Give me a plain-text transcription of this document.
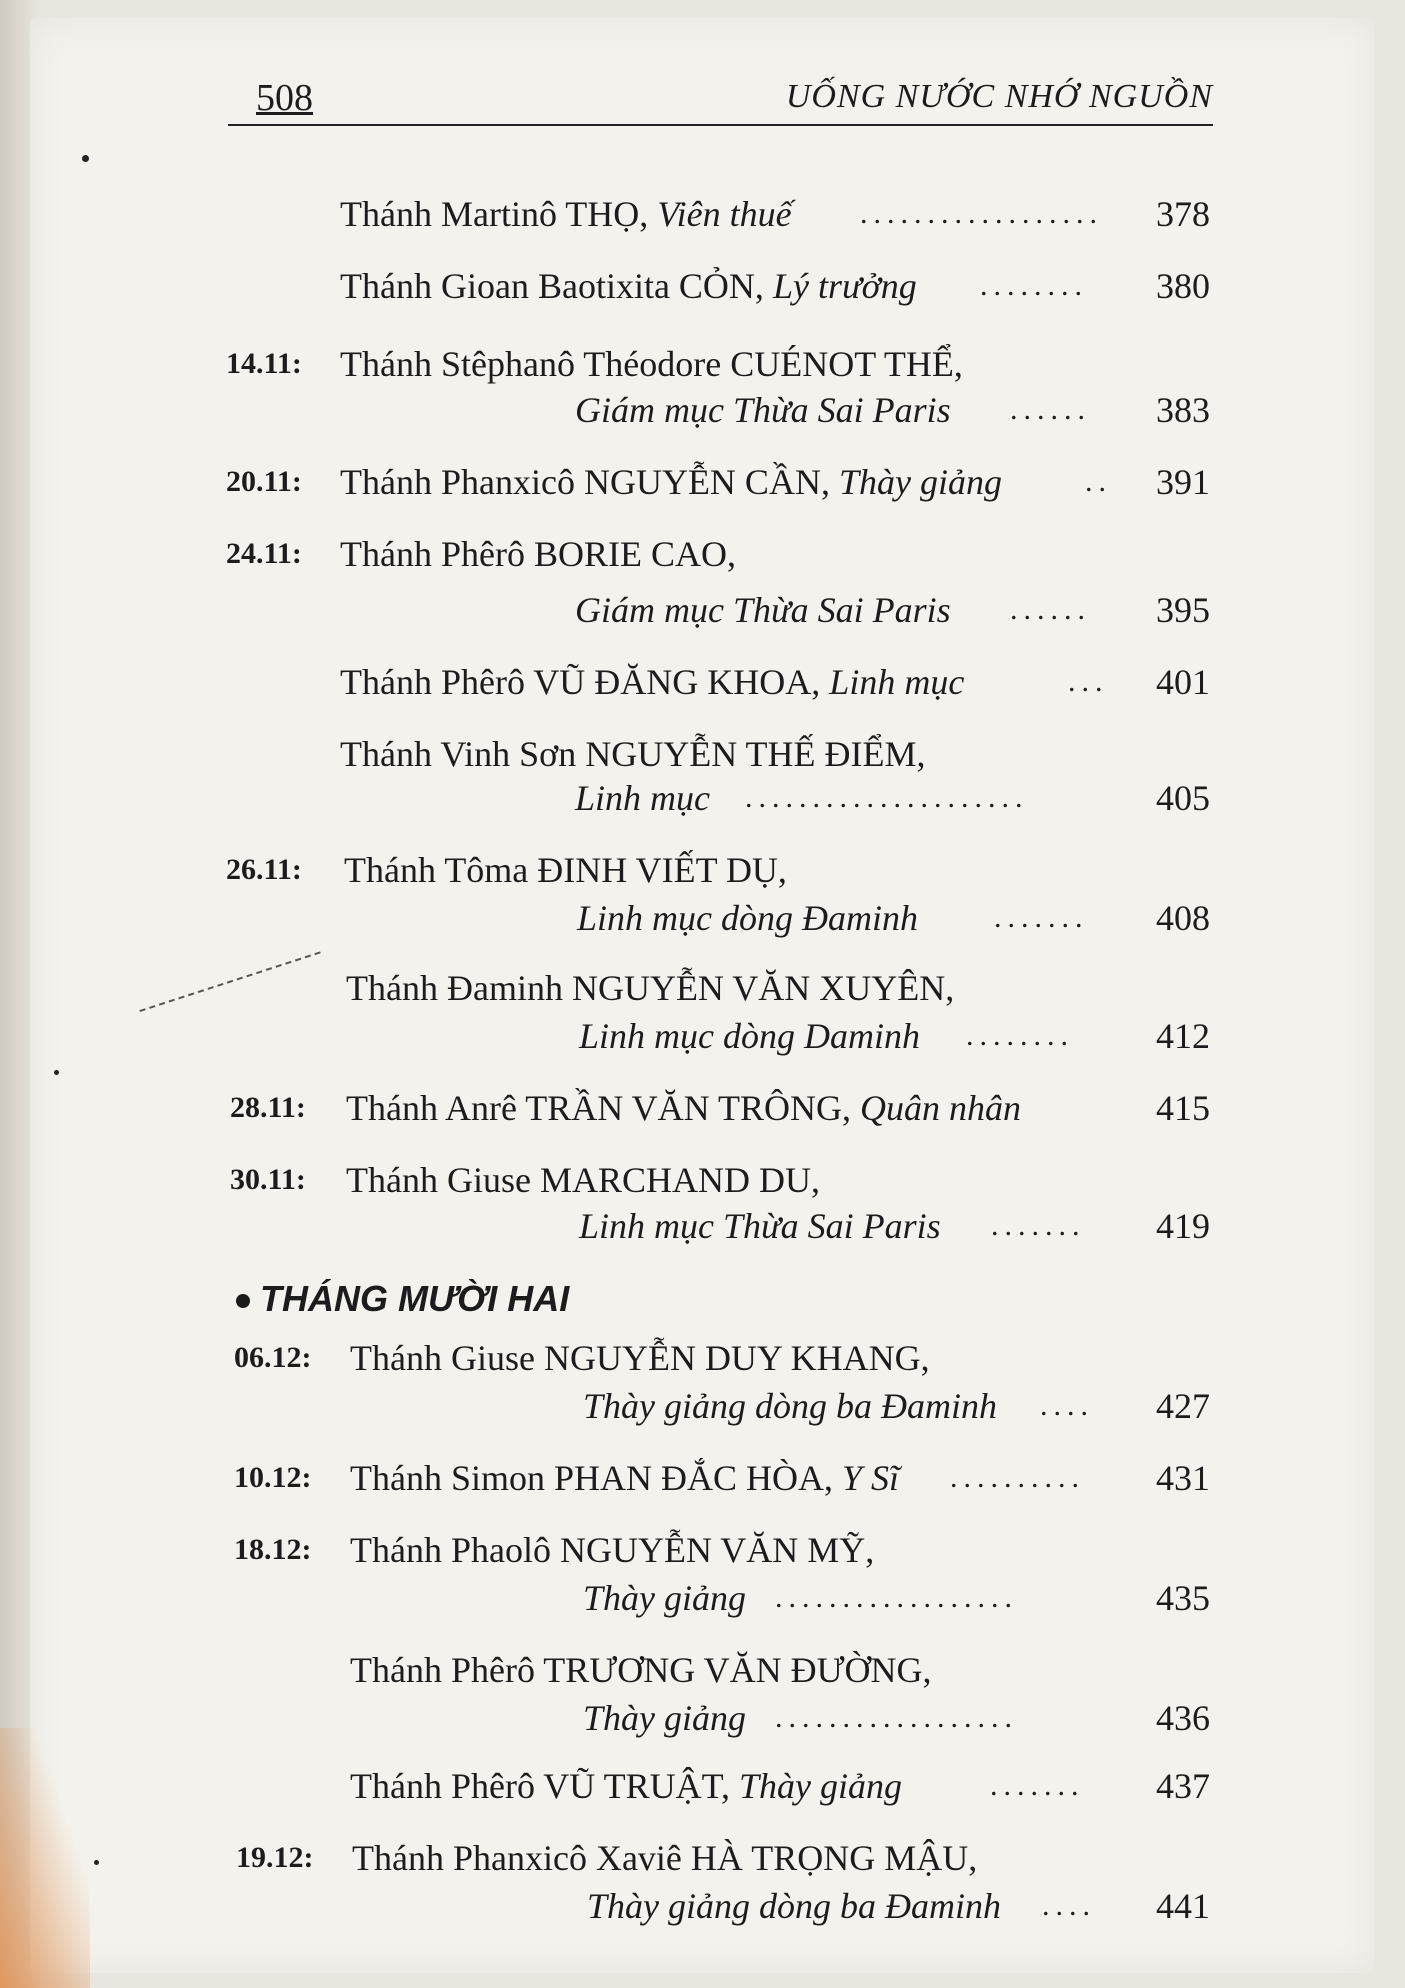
508	UỐNG NƯỚC NHỚ NGUỒN
Thánh Martinô THỌ, Viên thuế ..................	378
Thánh Gioan Baotixita CỎN, Lý trưởng ........	380
14.11: Thánh Stêphanô Théodore CUÉNOT THỂ,
Giám mục Thừa Sai Paris ......	383
20.11: Thánh Phanxicô NGUYỄN CẦN, Thày giảng	..	391
24.11: Thánh Phêrô BORIE CAO,
Giám mục Thừa Sai Paris ......	395
Thánh Phêrô VŨ ĐĂNG KHOA, Linh mục	...	401
Thánh Vinh Sơn NGUYỄN THẾ ĐIỂM,
Linh mục .....................	405
26.11: Thánh Tôma ĐINH VIẾT DỤ,
Linh mục dòng Đaminh	.......	408
Thánh Đaminh NGUYỄN VĂN XUYÊN,
Linh mục dòng Daminh ........	412
28.11: Thánh Anrê TRẦN VĂN TRÔNG, Quân nhân	415
30.11: Thánh Giuse MARCHAND DU,
Linh mục Thừa Sai Paris .......	419
THÁNG MƯỜI HAI
06.12: Thánh Giuse NGUYỄN DUY KHANG,
Thày giảng dòng ba Đaminh ....	427
10.12: Thánh Simon PHAN ĐẮC HÒA, Y Sĩ ..........	431
18.12: Thánh Phaolô NGUYỄN VĂN MỸ,
Thày giảng ..................	435
Thánh Phêrô TRƯƠNG VĂN ĐƯỜNG,
Thày giảng ..................	436
Thánh Phêrô VŨ TRUẬT, Thày giảng	.......	437
19.12: Thánh Phanxicô Xaviê HÀ TRỌNG MẬU,
Thày giảng dòng ba Đaminh ....	441
